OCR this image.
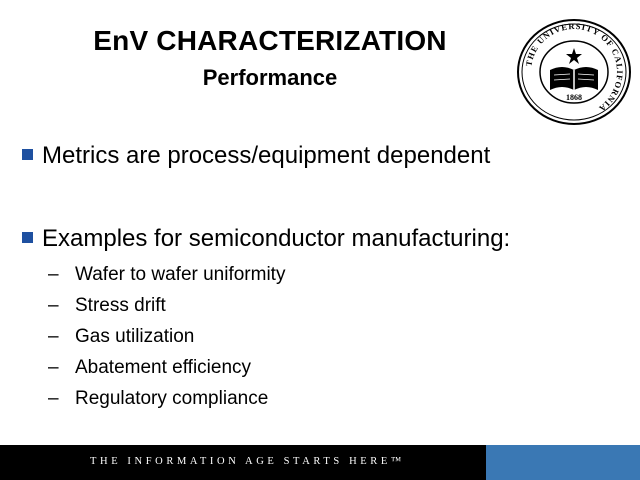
EnV CHARACTERIZATION
Performance
THE UNIVERSITY OF CALIFORNIA
1868
Metrics are process/equipment dependent
Examples for semiconductor manufacturing:
– Wafer to wafer uniformity
– Stress drift
– Gas utilization
– Abatement efficiency
– Regulatory compliance
THE INFORMATION AGE STARTS HERE™
